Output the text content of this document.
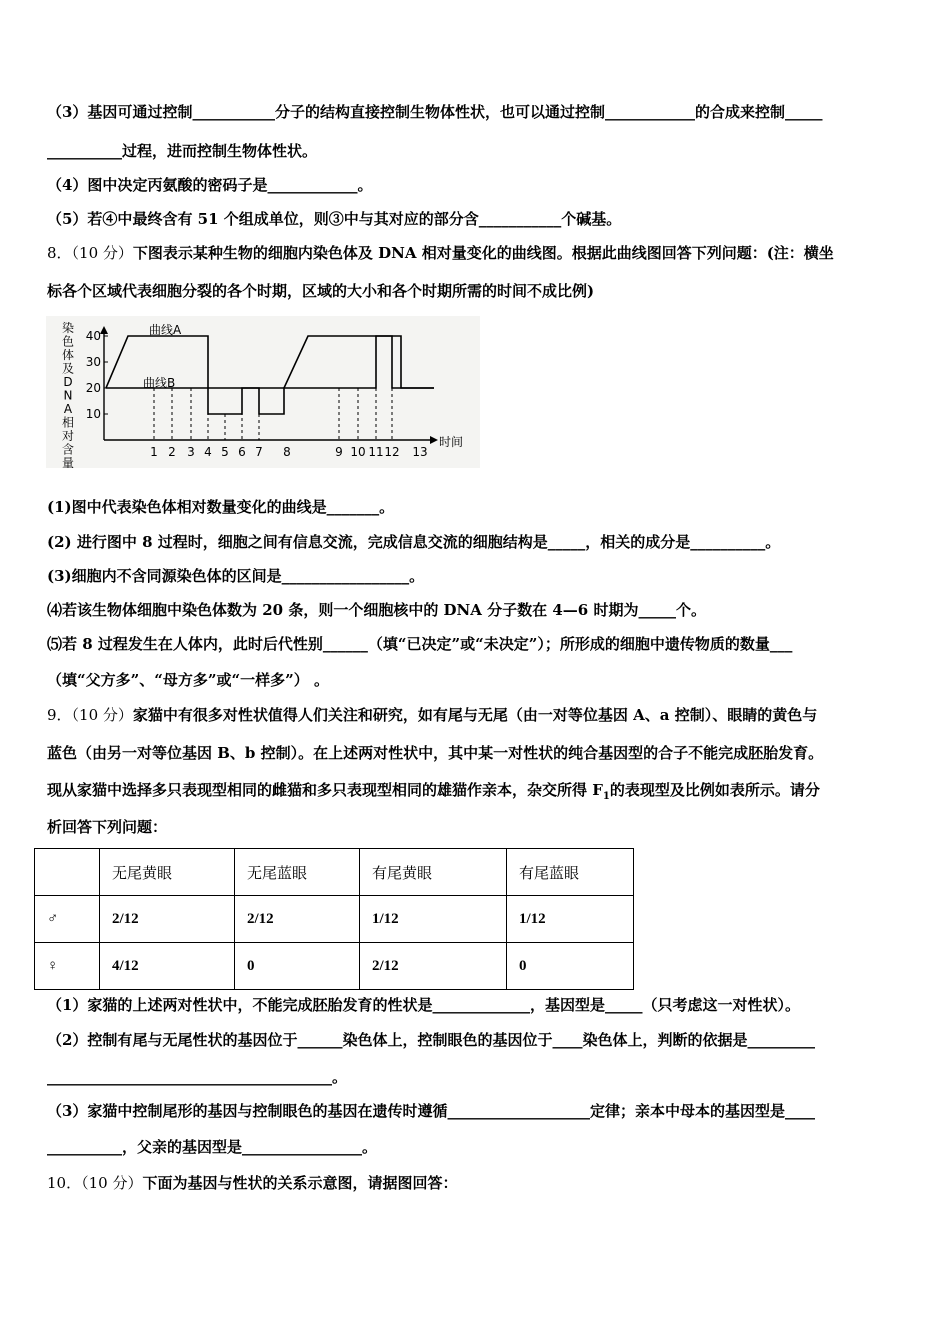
（3）基因可通过控制___________分子的结构直接控制生物体性状，也可以通过控制____________的合成来控制_____
__________过程，进而控制生物体性状。
（4）图中决定丙氨酸的密码子是____________。
（5）若④中最终含有 51 个组成单位，则③中与其对应的部分含___________个碱基。
8．（10 分）下图表示某种生物的细胞内染色体及 DNA 相对量变化的曲线图。根据此曲线图回答下列问题：(注：横坐
标各个区域代表细胞分裂的各个时期，区域的大小和各个时期所需的时间不成比例)
染
色
体
及
D
N
A
相
对
含
量
时间
10
20
30
40
1 2 3 4 5 6 7 8	9 10 11 12 13
曲线A
曲线B
(1)图中代表染色体相对数量变化的曲线是_______。
(2) 进行图中 8 过程时，细胞之间有信息交流，完成信息交流的细胞结构是_____，相关的成分是__________。
(3)细胞内不含同源染色体的区间是_________________。
⑷若该生物体细胞中染色体数为 20 条，则一个细胞核中的 DNA 分子数在 4—6 时期为_____个。
⑸若 8 过程发生在人体内，此时后代性别______（填“已决定”或“未决定”）；所形成的细胞中遗传物质的数量___
（填“父方多”、“母方多”或“一样多”） 。
9．（10 分）家猫中有很多对性状值得人们关注和研究，如有尾与无尾（由一对等位基因 A、a 控制）、眼睛的黄色与
蓝色（由另一对等位基因 B、b 控制）。在上述两对性状中，其中某一对性状的纯合基因型的合子不能完成胚胎发育。
现从家猫中选择多只表现型相同的雌猫和多只表现型相同的雄猫作亲本，杂交所得 $F_1$的表现型及比例如表所示。请分
析回答下列问题：
	无尾黄眼	无尾蓝眼	有尾黄眼	有尾蓝眼
♂	2/12	2/12	1/12	1/12
♀	4/12	0	2/12	0
（1）家猫的上述两对性状中，不能完成胚胎发育的性状是_____________，基因型是_____（只考虑这一对性状）。
（2）控制有尾与无尾性状的基因位于______染色体上，控制眼色的基因位于____染色体上，判断的依据是_________
______________________________________。
（3）家猫中控制尾形的基因与控制眼色的基因在遗传时遵循___________________定律；亲本中母本的基因型是____
__________，父亲的基因型是________________。
10．（10 分）下面为基因与性状的关系示意图，请据图回答：
